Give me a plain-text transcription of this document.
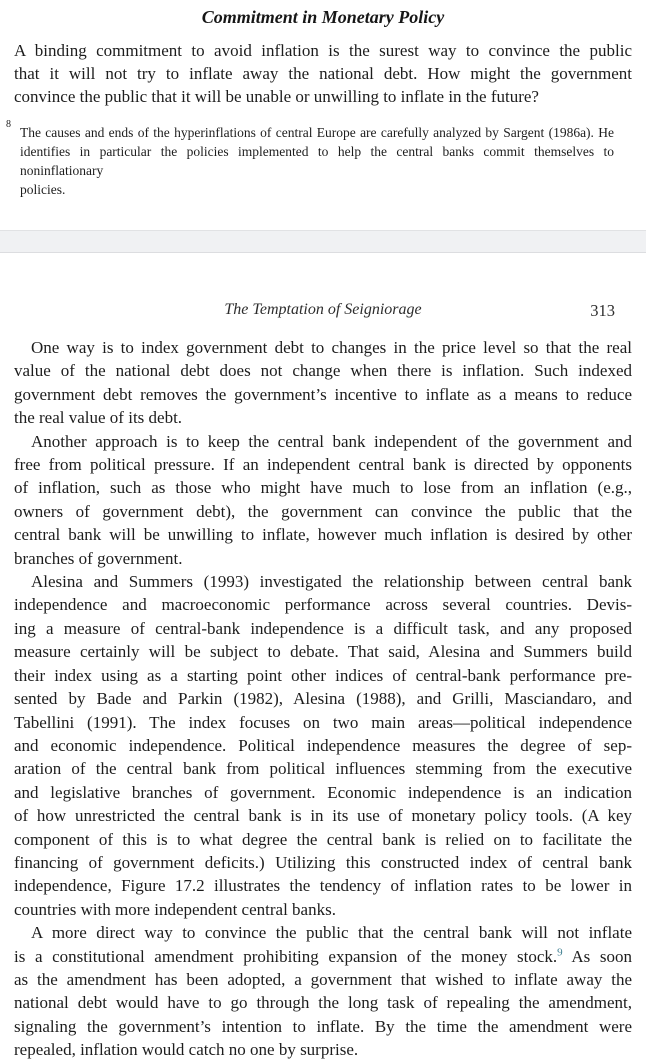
Commitment in Monetary Policy
A binding commitment to avoid inflation is the surest way to convince the public
that it will not try to inflate away the national debt. How might the government
convince the public that it will be unable or unwilling to inflate in the future?
8
The causes and ends of the hyperinflations of central Europe are carefully analyzed by Sargent (1986a). He
identifies in particular the policies implemented to help the central banks commit themselves to noninflationary
policies.
The Temptation of Seigniorage	313
One way is to index government debt to changes in the price level so that the real
value of the national debt does not change when there is inflation. Such indexed
government debt removes the government’s incentive to inflate as a means to reduce
the real value of its debt.
Another approach is to keep the central bank independent of the government and
free from political pressure. If an independent central bank is directed by opponents
of inflation, such as those who might have much to lose from an inflation (e.g.,
owners of government debt), the government can convince the public that the
central bank will be unwilling to inflate, however much inflation is desired by other
branches of government.
Alesina and Summers (1993) investigated the relationship between central bank
independence and macroeconomic performance across several countries. Devis-
ing a measure of central-bank independence is a difficult task, and any proposed
measure certainly will be subject to debate. That said, Alesina and Summers build
their index using as a starting point other indices of central-bank performance pre-
sented by Bade and Parkin (1982), Alesina (1988), and Grilli, Masciandaro, and
Tabellini (1991). The index focuses on two main areas—political independence
and economic independence. Political independence measures the degree of sep-
aration of the central bank from political influences stemming from the executive
and legislative branches of government. Economic independence is an indication
of how unrestricted the central bank is in its use of monetary policy tools. (A key
component of this is to what degree the central bank is relied on to facilitate the
financing of government deficits.) Utilizing this constructed index of central bank
independence, Figure 17.2 illustrates the tendency of inflation rates to be lower in
countries with more independent central banks.
A more direct way to convince the public that the central bank will not inflate
is a constitutional amendment prohibiting expansion of the money stock.$^9$ As soon
as the amendment has been adopted, a government that wished to inflate away the
national debt would have to go through the long task of repealing the amendment,
signaling the government’s intention to inflate. By the time the amendment were
repealed, inflation would catch no one by surprise.
